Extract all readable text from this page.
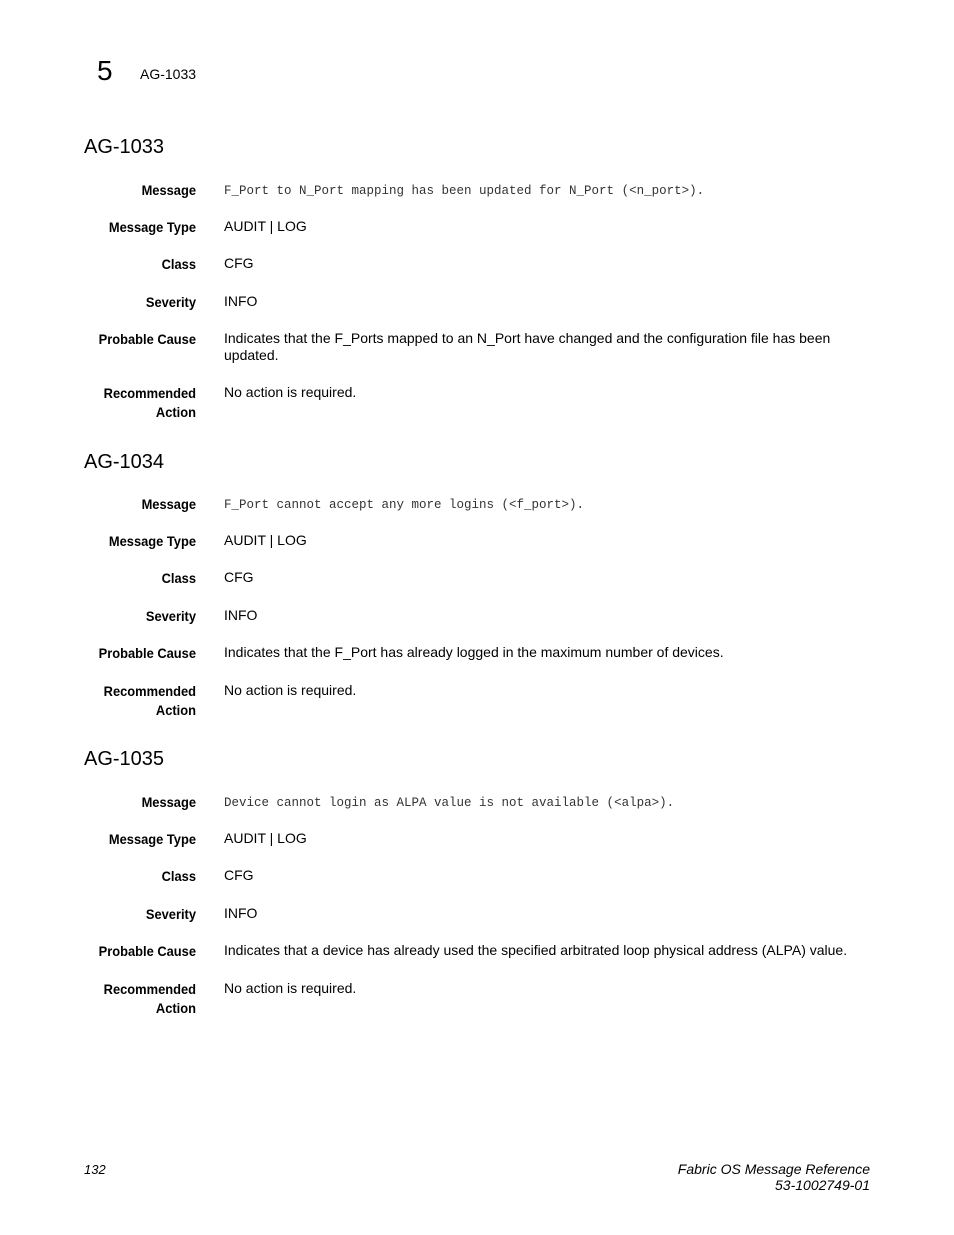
5 AG-1033
AG-1033
Message F_Port to N_Port mapping has been updated for N_Port (<n_port>).
Message Type AUDIT | LOG
Class CFG
Severity INFO
Probable Cause Indicates that the F_Ports mapped to an N_Port have changed and the configuration file has been updated.
Recommended
Action
No action is required.
AG-1034
Message F_Port cannot accept any more logins (<f_port>).
Message Type AUDIT | LOG
Class CFG
Severity INFO
Probable Cause Indicates that the F_Port has already logged in the maximum number of devices.
Recommended
Action
No action is required.
AG-1035
Message Device cannot login as ALPA value is not available (<alpa>).
Message Type AUDIT | LOG
Class CFG
Severity INFO
Probable Cause Indicates that a device has already used the specified arbitrated loop physical address (ALPA) value.
Recommended
Action
No action is required.
132	Fabric OS Message Reference
53-1002749-01
